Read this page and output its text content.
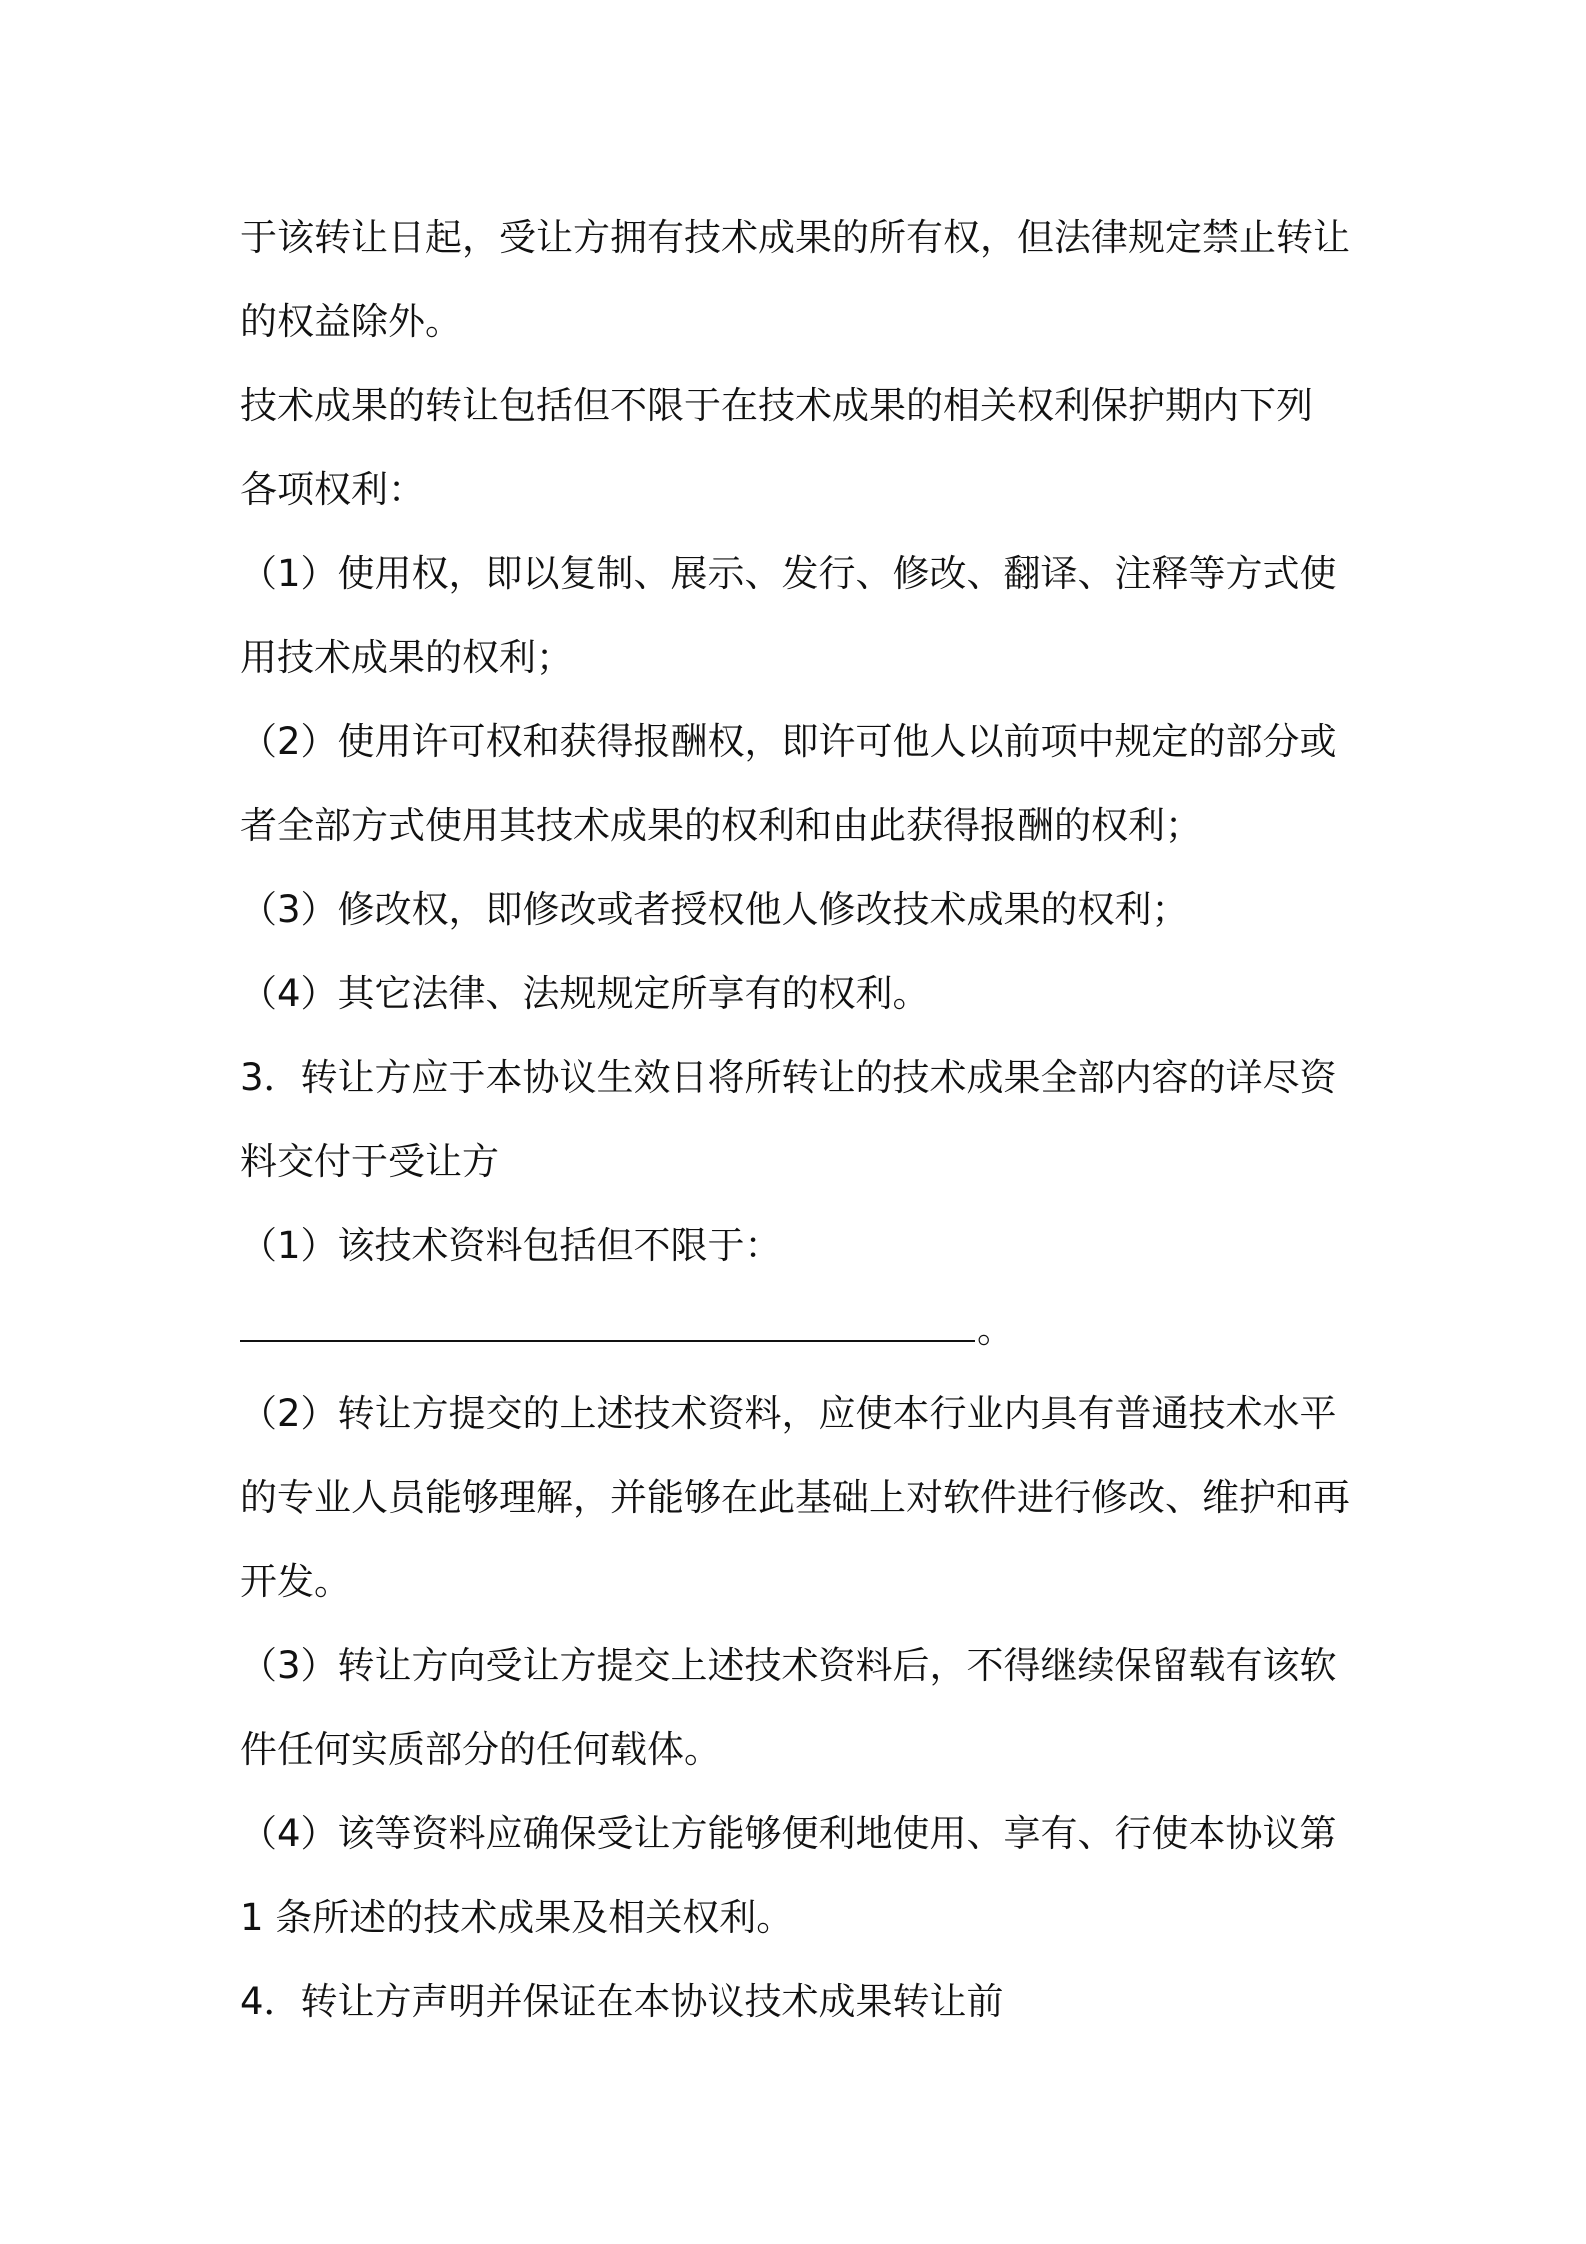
于该转让日起，受让方拥有技术成果的所有权，但法律规定禁止转让
的权益除外。
技术成果的转让包括但不限于在技术成果的相关权利保护期内下列
各项权利：
（1）使用权，即以复制、展示、发行、修改、翻译、注释等方式使
用技术成果的权利；
（2）使用许可权和获得报酬权，即许可他人以前项中规定的部分或
者全部方式使用其技术成果的权利和由此获得报酬的权利；
（3）修改权，即修改或者授权他人修改技术成果的权利；
（4）其它法律、法规规定所享有的权利。
3．转让方应于本协议生效日将所转让的技术成果全部内容的详尽资
料交付于受让方
（1）该技术资料包括但不限于：
。
（2）转让方提交的上述技术资料，应使本行业内具有普通技术水平
的专业人员能够理解，并能够在此基础上对软件进行修改、维护和再
开发。
（3）转让方向受让方提交上述技术资料后，不得继续保留载有该软
件任何实质部分的任何载体。
（4）该等资料应确保受让方能够便利地使用、享有、行使本协议第
1 条所述的技术成果及相关权利。
4．转让方声明并保证在本协议技术成果转让前
